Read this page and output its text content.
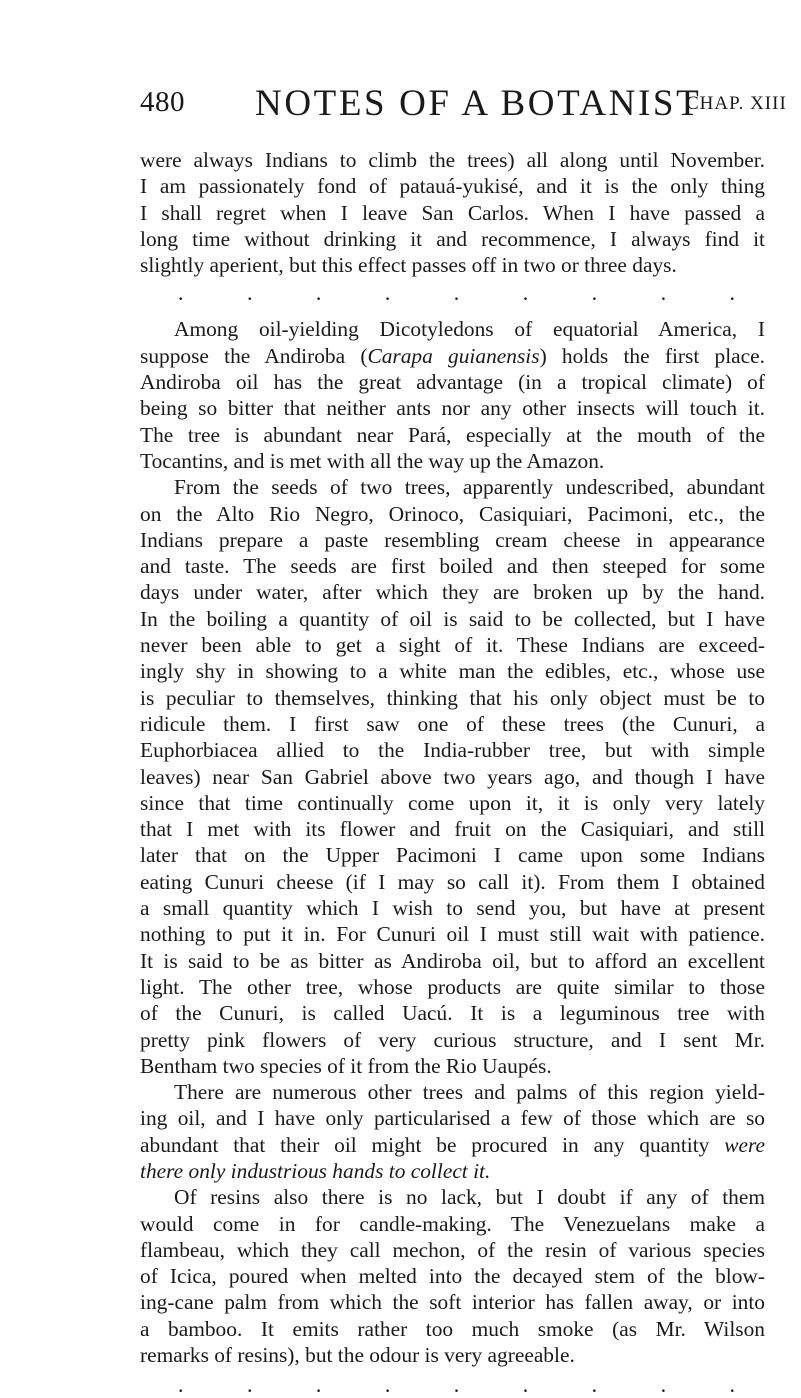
480 NOTES OF A BOTANIST
CHAP. XIII

were always Indians to climb the trees) all along until November.
I am passionately fond of patauá-yukisé, and it is the only thing
I shall regret when I leave San Carlos. When I have passed a
long time without drinking it and recommence, I always find it
slightly aperient, but this effect passes off in two or three days.

.	.	.	.	.	.	.	.	.

Among oil-yielding Dicotyledons of equatorial America, I
suppose the Andiroba (Carapa guianensis) holds the first place.
Andiroba oil has the great advantage (in a tropical climate) of
being so bitter that neither ants nor any other insects will touch it.
The tree is abundant near Pará, especially at the mouth of the
Tocantins, and is met with all the way up the Amazon.

From the seeds of two trees, apparently undescribed, abundant
on the Alto Rio Negro, Orinoco, Casiquiari, Pacimoni, etc., the
Indians prepare a paste resembling cream cheese in appearance
and taste. The seeds are first boiled and then steeped for some
days under water, after which they are broken up by the hand.
In the boiling a quantity of oil is said to be collected, but I have
never been able to get a sight of it. These Indians are exceed-
ingly shy in showing to a white man the edibles, etc., whose use
is peculiar to themselves, thinking that his only object must be to
ridicule them. I first saw one of these trees (the Cunuri, a
Euphorbiacea allied to the India-rubber tree, but with simple
leaves) near San Gabriel above two years ago, and though I have
since that time continually come upon it, it is only very lately
that I met with its flower and fruit on the Casiquiari, and still
later that on the Upper Pacimoni I came upon some Indians
eating Cunuri cheese (if I may so call it). From them I obtained
a small quantity which I wish to send you, but have at present
nothing to put it in. For Cunuri oil I must still wait with patience.
It is said to be as bitter as Andiroba oil, but to afford an excellent
light. The other tree, whose products are quite similar to those
of the Cunuri, is called Uacú. It is a leguminous tree with
pretty pink flowers of very curious structure, and I sent Mr.
Bentham two species of it from the Rio Uaupés.

There are numerous other trees and palms of this region yield-
ing oil, and I have only particularised a few of those which are so
abundant that their oil might be procured in any quantity were
there only industrious hands to collect it.

Of resins also there is no lack, but I doubt if any of them
would come in for candle-making. The Venezuelans make a
flambeau, which they call mechon, of the resin of various species
of Icica, poured when melted into the decayed stem of the blow-
ing-cane palm from which the soft interior has fallen away, or into
a bamboo. It emits rather too much smoke (as Mr. Wilson
remarks of resins), but the odour is very agreeable.

.	.	.	.	.	.	.	.	.
